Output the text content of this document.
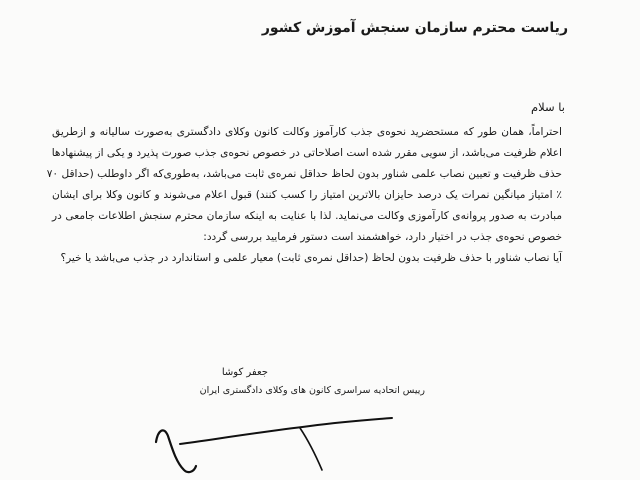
ریاست محترم سازمان سنجش آموزش کشور
با سلام
احتراماً، همان طور که مستحضرید نحوه‌ی جذب کارآموز وکالت کانون وکلای دادگستری به‌صورت سالیانه و ازطریق
اعلام ظرفیت می‌باشد، از سویی مقرر شده است اصلاحاتی در خصوص نحوه‌ی جذب صورت پذیرد و یکی از پیشنهادها
حذف ظرفیت و تعیین نصاب علمی شناور بدون لحاظ حداقل نمره‌ی ثابت می‌باشد، به‌طوری‌که اگر داوطلب (حداقل ۷۰
٪ امتیاز میانگین نمرات یک درصد حایزان بالاترین امتیاز را کسب کنند) قبول اعلام می‌شوند و کانون وکلا برای ایشان
مبادرت به صدور پروانه‌ی کارآموزی وکالت می‌نماید. لذا با عنایت به اینکه سازمان محترم سنجش اطلاعات جامعی در
خصوص نحوه‌ی جذب در اختیار دارد، خواهشمند است دستور فرمایید بررسی گردد:
آیا نصاب شناور با حذف ظرفیت بدون لحاظ (حداقل نمره‌ی ثابت) معیار علمی و استاندارد در جذب می‌باشد یا خیر؟
جعفر کوشا
رییس اتحادیه سراسری کانون های وکلای دادگستری ایران
